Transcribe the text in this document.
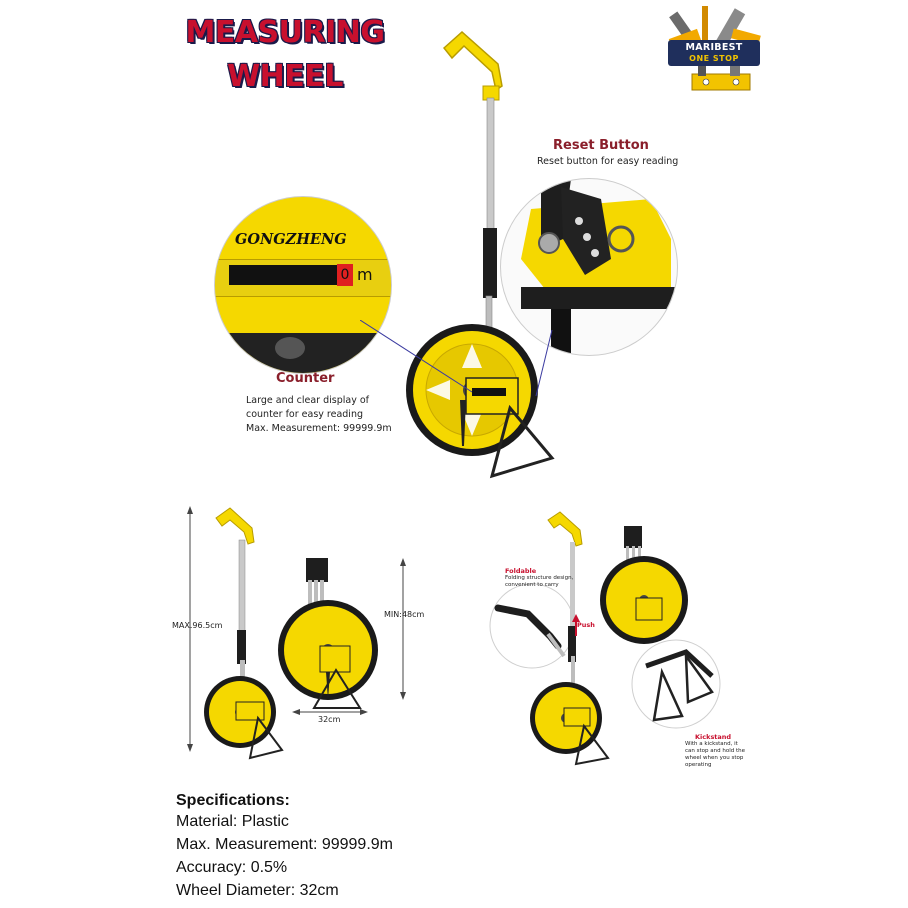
MEASURING
WHEEL
MARIBEST
ONE STOP
GONGZHENG
0 m
Reset Button
Reset button for easy reading
Counter
Large and clear display of
counter for easy reading
Max. Measurement: 99999.9m
MAX.96.5cm
MIN:48cm
32cm
Foldable
Folding structure design,
convenient to carry
Push
Kickstand
With a kickstand, it
can stop and hold the
wheel when you stop
operating
Specifications:
Material: Plastic
Max. Measurement: 99999.9m
Accuracy: 0.5%
Wheel Diameter: 32cm
